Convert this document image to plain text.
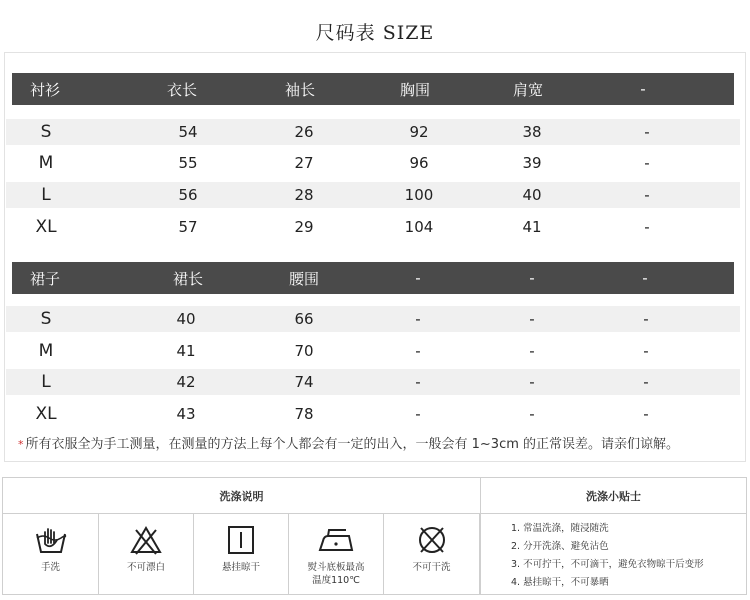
尺码表 SIZE
衬衫	衣长	袖长	胸围	肩宽	-
S	54	26	92	38	-
M	55	27	96	39	-
L	56	28	100	40	-
XL	57	29	104	41	-
裙子	裙长	腰围	-	-	-
S	40	66	-	-	-
M	41	70	-	-	-
L	42	74	-	-	-
XL	43	78	-	-	-
* 所有衣服全为手工测量，在测量的方法上每个人都会有一定的出入，一般会有 1~3cm 的正常误差。请亲们谅解。
洗涤说明	洗涤小贴士
手洗	不可漂白	悬挂晾干	熨斗底板最高
温度110℃
不可干洗
1. 常温洗涤，随浸随洗
2. 分开洗涤、避免沾色
3. 不可拧干，不可滴干，避免衣物晾干后变形
4. 悬挂晾干，不可暴晒
